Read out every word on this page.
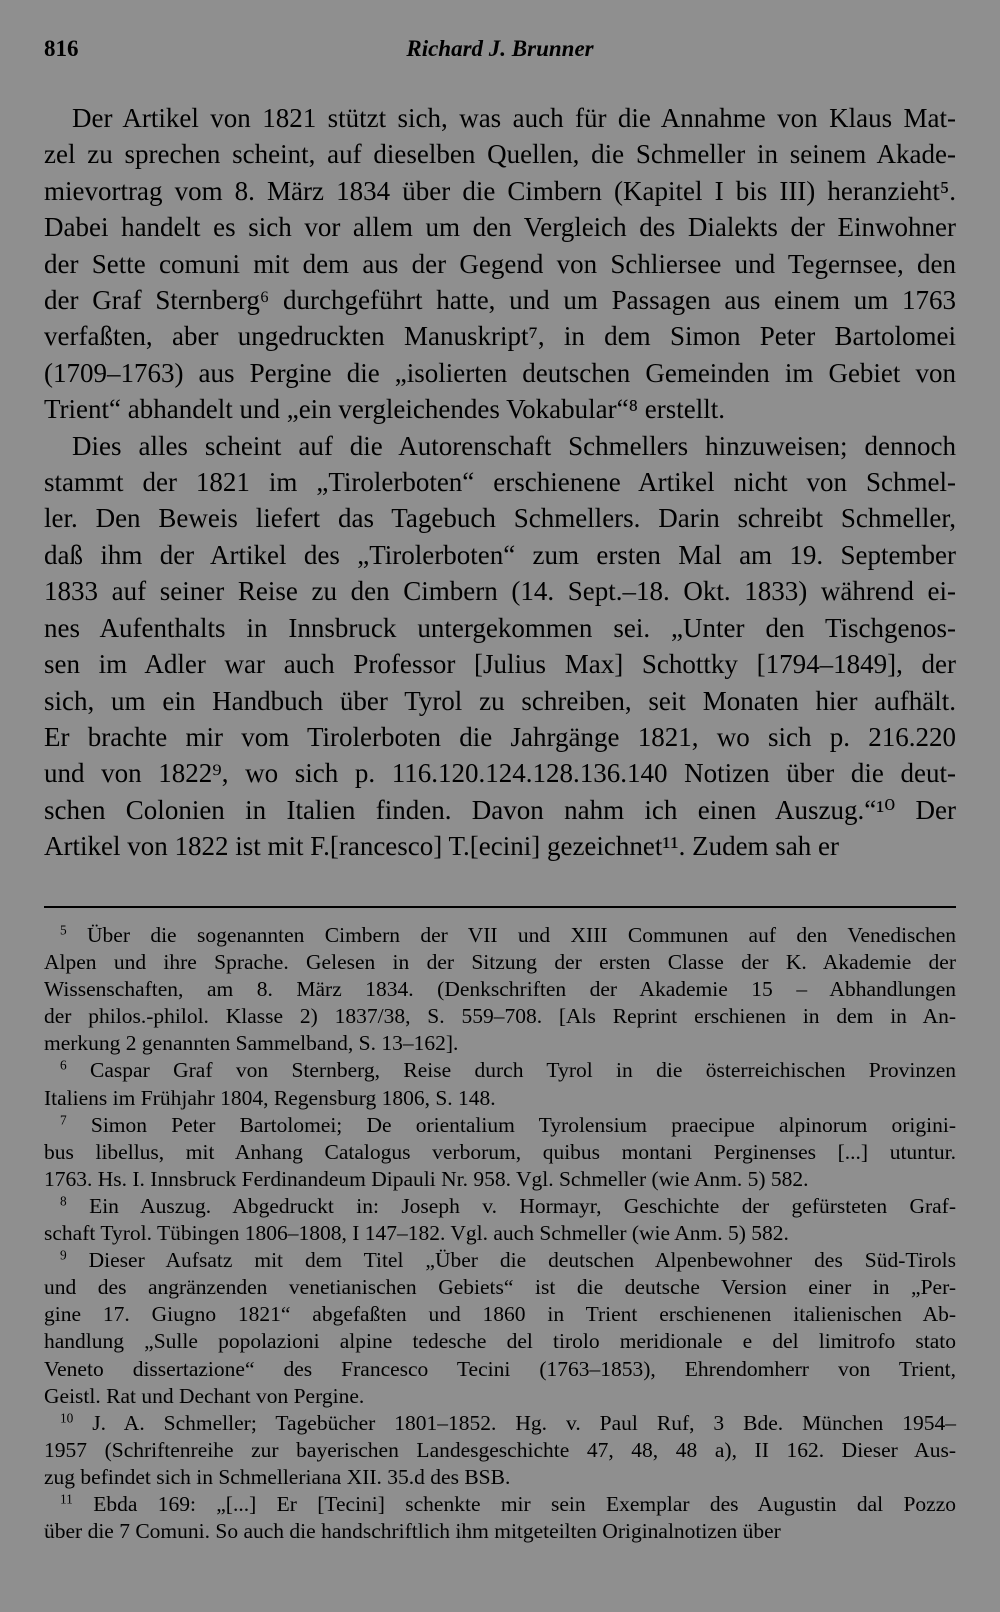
816	Richard J. Brunner
Der Artikel von 1821 stützt sich, was auch für die Annahme von Klaus Mat-
zel zu sprechen scheint, auf dieselben Quellen, die Schmeller in seinem Akade-
mievortrag vom 8. März 1834 über die Cimbern (Kapitel I bis III) heranzieht⁵.
Dabei handelt es sich vor allem um den Vergleich des Dialekts der Einwohner
der Sette comuni mit dem aus der Gegend von Schliersee und Tegernsee, den
der Graf Sternberg⁶ durchgeführt hatte, und um Passagen aus einem um 1763
verfaßten, aber ungedruckten Manuskript⁷, in dem Simon Peter Bartolomei
(1709–1763) aus Pergine die „isolierten deutschen Gemeinden im Gebiet von
Trient“ abhandelt und „ein vergleichendes Vokabular“⁸ erstellt.
Dies alles scheint auf die Autorenschaft Schmellers hinzuweisen; dennoch
stammt der 1821 im „Tirolerboten“ erschienene Artikel nicht von Schmel-
ler. Den Beweis liefert das Tagebuch Schmellers. Darin schreibt Schmeller,
daß ihm der Artikel des „Tirolerboten“ zum ersten Mal am 19. September
1833 auf seiner Reise zu den Cimbern (14. Sept.–18. Okt. 1833) während ei-
nes Aufenthalts in Innsbruck untergekommen sei. „Unter den Tischgenos-
sen im Adler war auch Professor [Julius Max] Schottky [1794–1849], der
sich, um ein Handbuch über Tyrol zu schreiben, seit Monaten hier aufhält.
Er brachte mir vom Tirolerboten die Jahrgänge 1821, wo sich p. 216.220
und von 1822⁹, wo sich p. 116.120.124.128.136.140 Notizen über die deut-
schen Colonien in Italien finden. Davon nahm ich einen Auszug.“¹⁰ Der
Artikel von 1822 ist mit F.[rancesco] T.[ecini] gezeichnet¹¹. Zudem sah er
$^5$ Über die sogenannten Cimbern der VII und XIII Communen auf den Venedischen
Alpen und ihre Sprache. Gelesen in der Sitzung der ersten Classe der K. Akademie der
Wissenschaften, am 8. März 1834. (Denkschriften der Akademie 15 – Abhandlungen
der philos.-philol. Klasse 2) 1837/38, S. 559–708. [Als Reprint erschienen in dem in An-
merkung 2 genannten Sammelband, S. 13–162].
$^6$ Caspar Graf von Sternberg, Reise durch Tyrol in die österreichischen Provinzen
Italiens im Frühjahr 1804, Regensburg 1806, S. 148.
$^7$ Simon Peter Bartolomei; De orientalium Tyrolensium praecipue alpinorum origini-
bus libellus, mit Anhang Catalogus verborum, quibus montani Perginenses [...] utuntur.
1763. Hs. I. Innsbruck Ferdinandeum Dipauli Nr. 958. Vgl. Schmeller (wie Anm. 5) 582.
$^8$ Ein Auszug. Abgedruckt in: Joseph v. Hormayr, Geschichte der gefürsteten Graf-
schaft Tyrol. Tübingen 1806–1808, I 147–182. Vgl. auch Schmeller (wie Anm. 5) 582.
$^9$ Dieser Aufsatz mit dem Titel „Über die deutschen Alpenbewohner des Süd-Tirols
und des angränzenden venetianischen Gebiets“ ist die deutsche Version einer in „Per-
gine 17. Giugno 1821“ abgefaßten und 1860 in Trient erschienenen italienischen Ab-
handlung „Sulle popolazioni alpine tedesche del tirolo meridionale e del limitrofo stato
Veneto dissertazione“ des Francesco Tecini (1763–1853), Ehrendomherr von Trient,
Geistl. Rat und Dechant von Pergine.
$^{10}$ J. A. Schmeller; Tagebücher 1801–1852. Hg. v. Paul Ruf, 3 Bde. München 1954–
1957 (Schriftenreihe zur bayerischen Landesgeschichte 47, 48, 48 a), II 162. Dieser Aus-
zug befindet sich in Schmelleriana XII. 35.d des BSB.
$^{11}$ Ebda 169: „[...] Er [Tecini] schenkte mir sein Exemplar des Augustin dal Pozzo
über die 7 Comuni. So auch die handschriftlich ihm mitgeteilten Originalnotizen über
